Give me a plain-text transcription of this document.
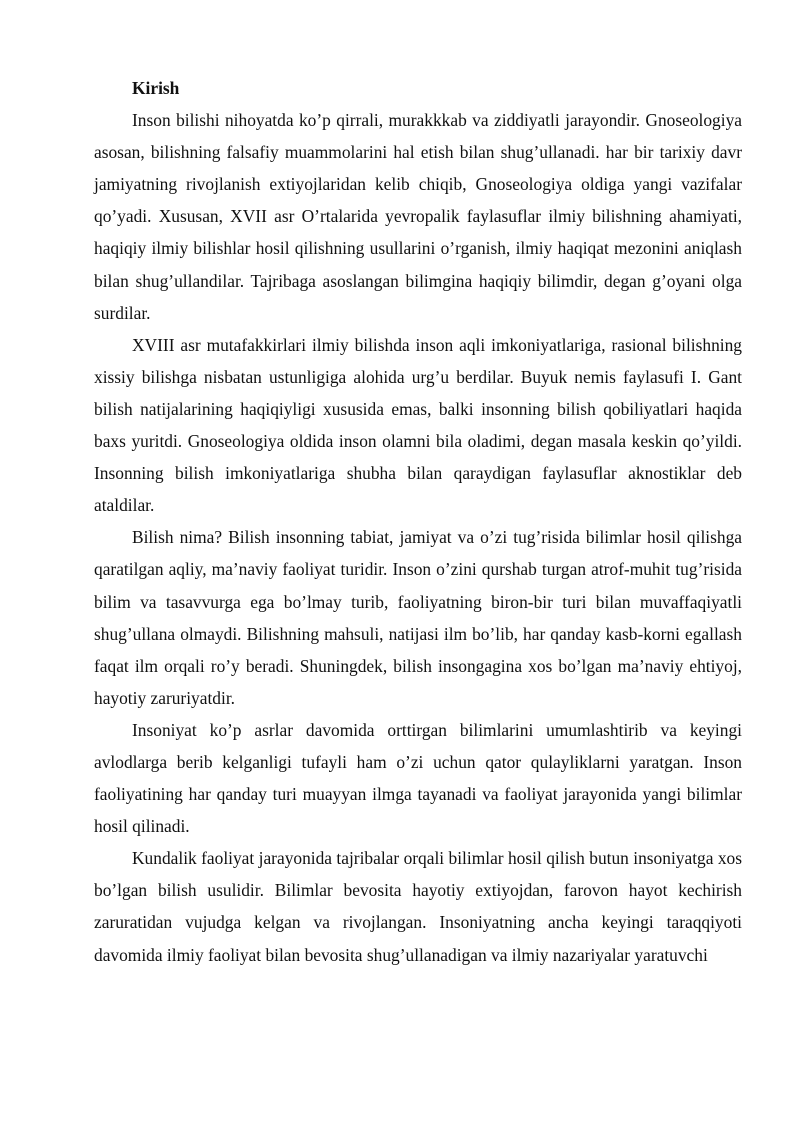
Kirish

Inson bilishi nihoyatda ko’p qirrali, murakkkab va ziddiyatli jarayondir. Gnoseologiya asosan, bilishning falsafiy muammolarini hal etish bilan shug’ullanadi. har bir tarixiy davr jamiyatning rivojlanish extiyojlaridan kelib chiqib, Gnoseologiya oldiga yangi vazifalar qo’yadi. Xususan, XVII asr O’rtalarida yevropalik faylasuflar ilmiy bilishning ahamiyati, haqiqiy ilmiy bilishlar hosil qilishning usullarini o’rganish, ilmiy haqiqat mezonini aniqlash bilan shug’ullandilar. Tajribaga asoslangan bilimgina haqiqiy bilimdir, degan g’oyani olga surdilar.

XVIII asr mutafakkirlari ilmiy bilishda inson aqli imkoniyatlariga, rasional bilishning xissiy bilishga nisbatan ustunligiga alohida urg’u berdilar. Buyuk nemis faylasufi I. Gant bilish natijalarining haqiqiyligi xususida emas, balki insonning bilish qobiliyatlari haqida baxs yuritdi. Gnoseologiya oldida inson olamni bila oladimi, degan masala keskin qo’yildi. Insonning bilish imkoniyatlariga shubha bilan qaraydigan faylasuflar aknostiklar deb ataldilar.

Bilish nima? Bilish insonning tabiat, jamiyat va o’zi tug’risida bilimlar hosil qilishga qaratilgan aqliy, ma’naviy faoliyat turidir. Inson o’zini qurshab turgan atrof-muhit tug’risida bilim va tasavvurga ega bo’lmay turib, faoliyatning biron-bir turi bilan muvaffaqiyatli shug’ullana olmaydi. Bilishning mahsuli, natijasi ilm bo’lib, har qanday kasb-korni egallash faqat ilm orqali ro’y beradi. Shuningdek, bilish insongagina xos bo’lgan ma’naviy ehtiyoj, hayotiy zaruriyatdir.

Insoniyat ko’p asrlar davomida orttirgan bilimlarini umumlashtirib va keyingi avlodlarga berib kelganligi tufayli ham o’zi uchun qator qulayliklarni yaratgan. Inson faoliyatining har qanday turi muayyan ilmga tayanadi va faoliyat jarayonida yangi bilimlar hosil qilinadi.

Kundalik faoliyat jarayonida tajribalar orqali bilimlar hosil qilish butun insoniyatga xos bo’lgan bilish usulidir. Bilimlar bevosita hayotiy extiyojdan, farovon hayot kechirish zaruratidan vujudga kelgan va rivojlangan. Insoniyatning ancha keyingi taraqqiyoti davomida ilmiy faoliyat bilan bevosita shug’ullanadigan va ilmiy nazariyalar yaratuvchi
